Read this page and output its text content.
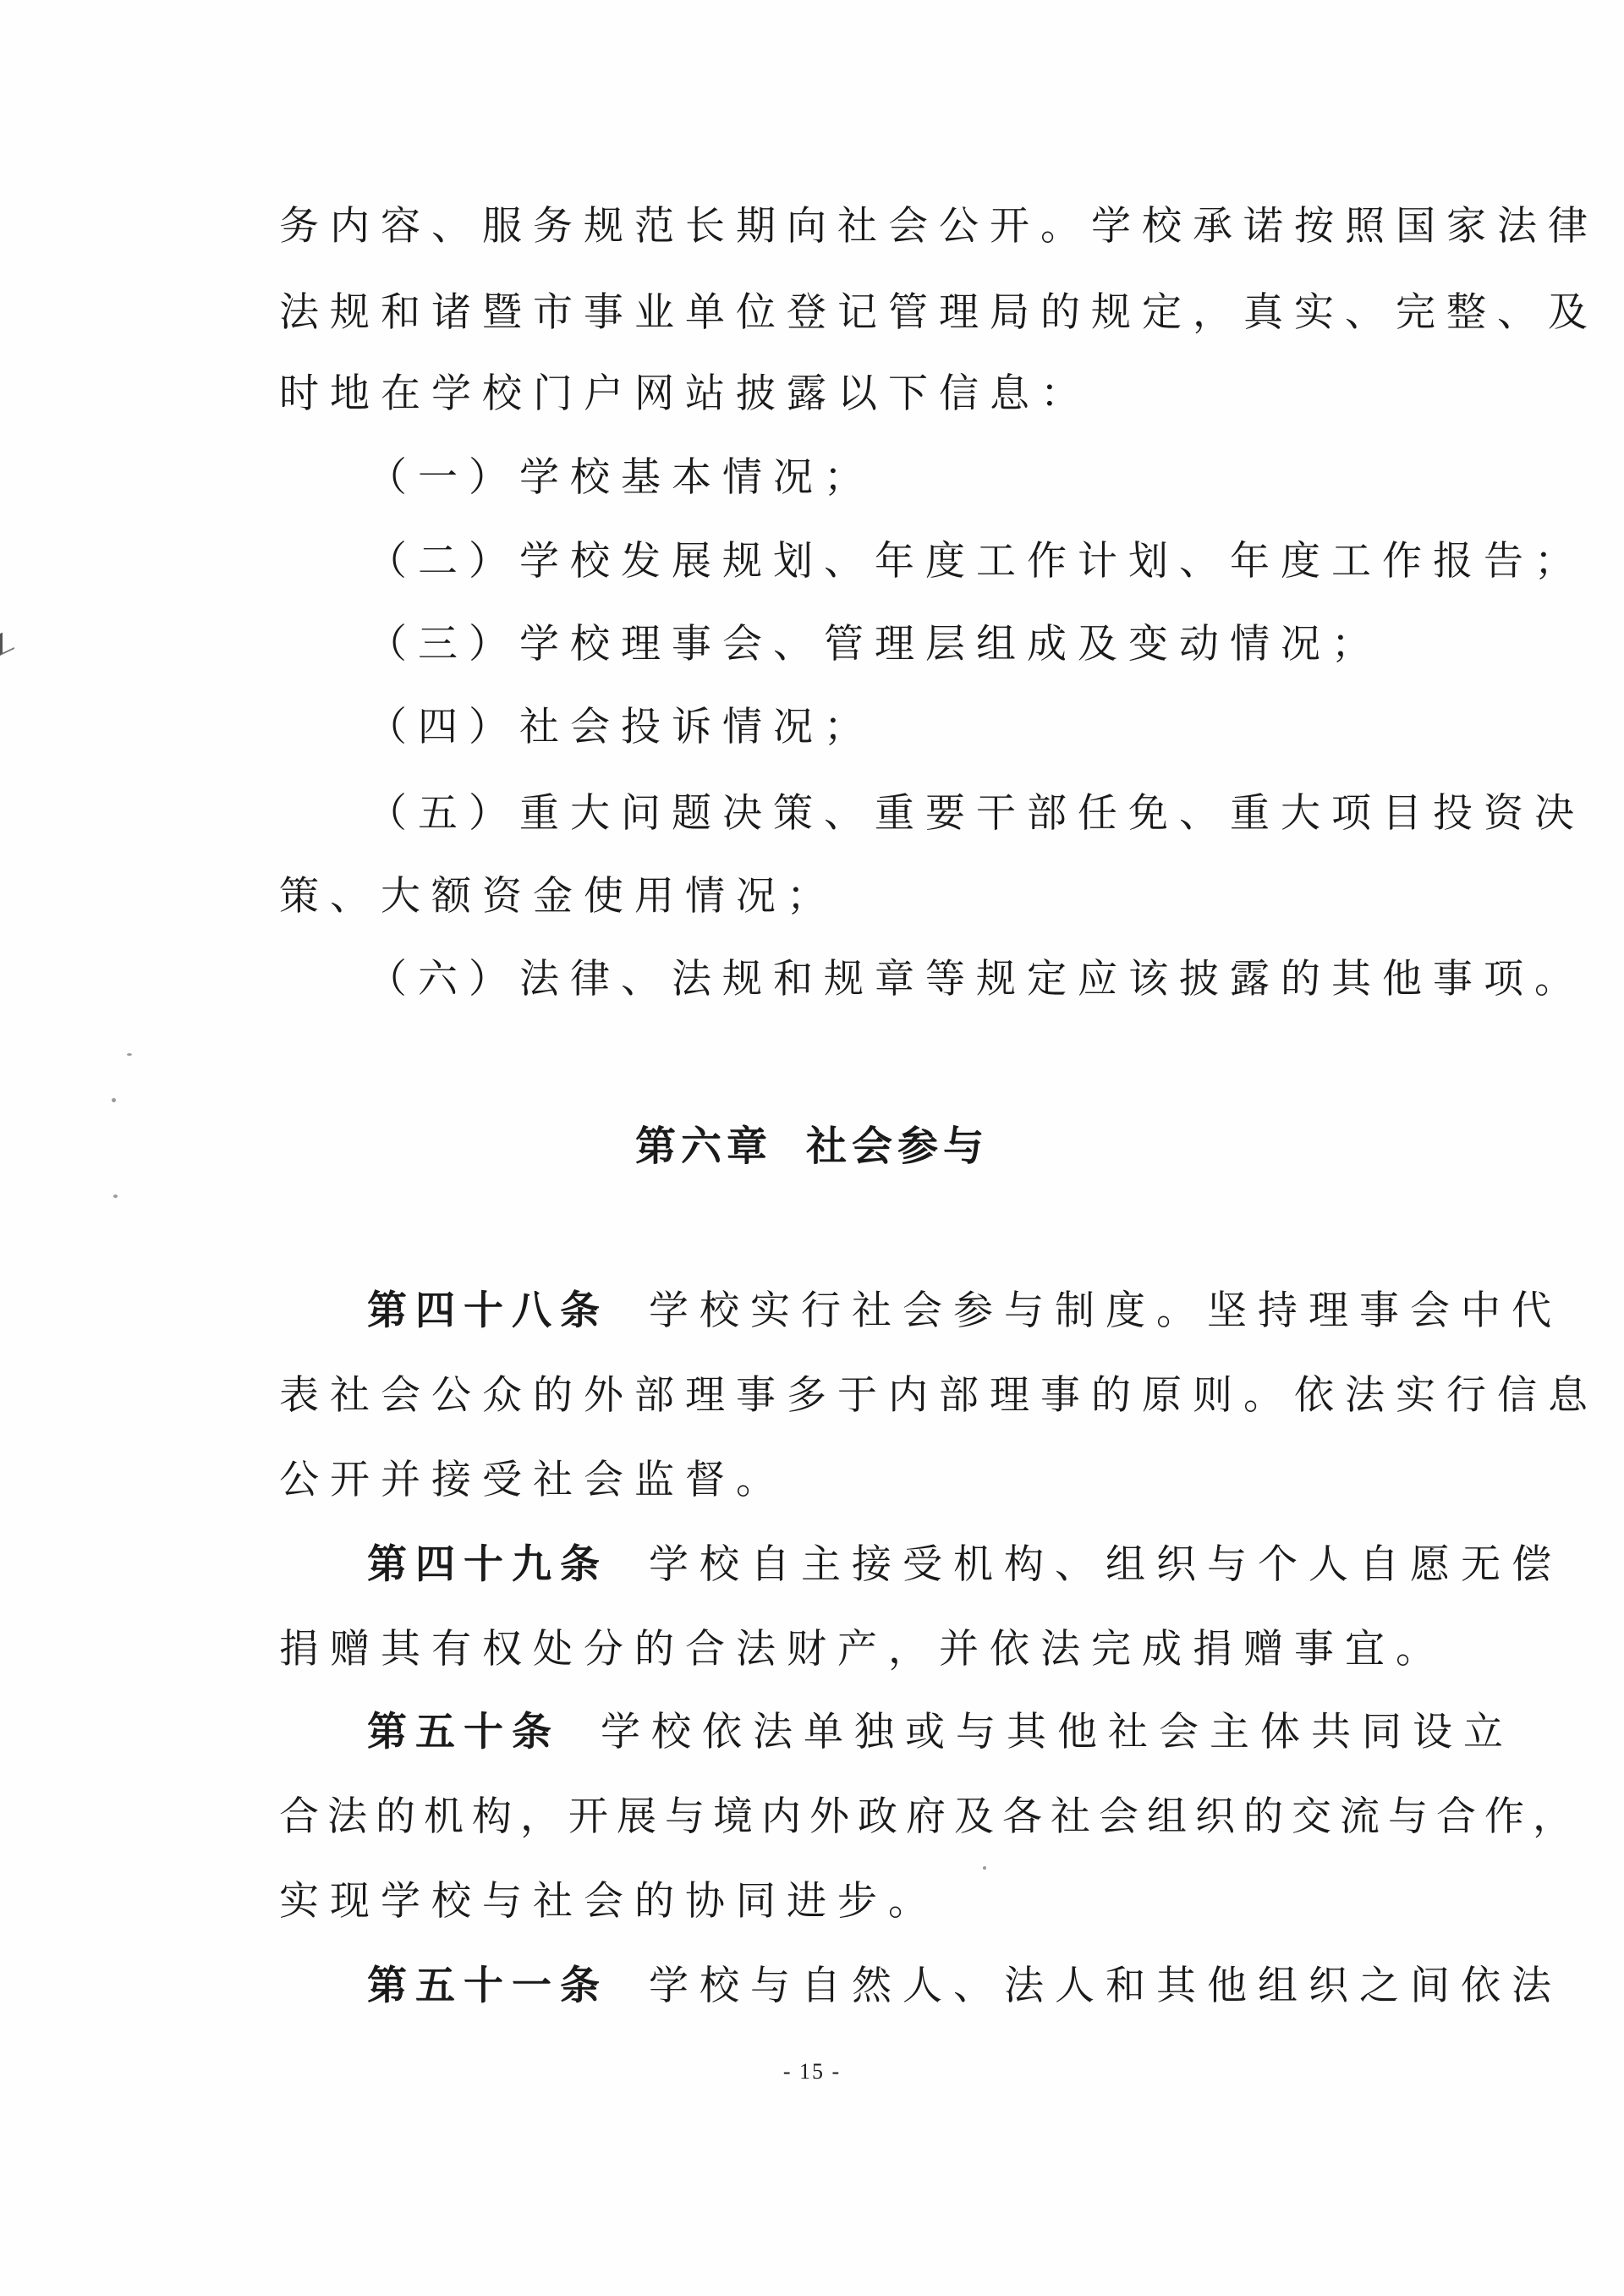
务内容、服务规范长期向社会公开。学校承诺按照国家法律
法规和诸暨市事业单位登记管理局的规定，真实、完整、及
时地在学校门户网站披露以下信息：
（一）学校基本情况；
（二）学校发展规划、年度工作计划、年度工作报告；
（三）学校理事会、管理层组成及变动情况；
（四）社会投诉情况；
（五）重大问题决策、重要干部任免、重大项目投资决
策、大额资金使用情况；
（六）法律、法规和规章等规定应该披露的其他事项。
第六章 社会参与
第四十八条 学校实行社会参与制度。坚持理事会中代
表社会公众的外部理事多于内部理事的原则。依法实行信息
公开并接受社会监督。
第四十九条 学校自主接受机构、组织与个人自愿无偿
捐赠其有权处分的合法财产，并依法完成捐赠事宜。
第五十条 学校依法单独或与其他社会主体共同设立
合法的机构，开展与境内外政府及各社会组织的交流与合作，
实现学校与社会的协同进步。
第五十一条 学校与自然人、法人和其他组织之间依法
- 15 -
